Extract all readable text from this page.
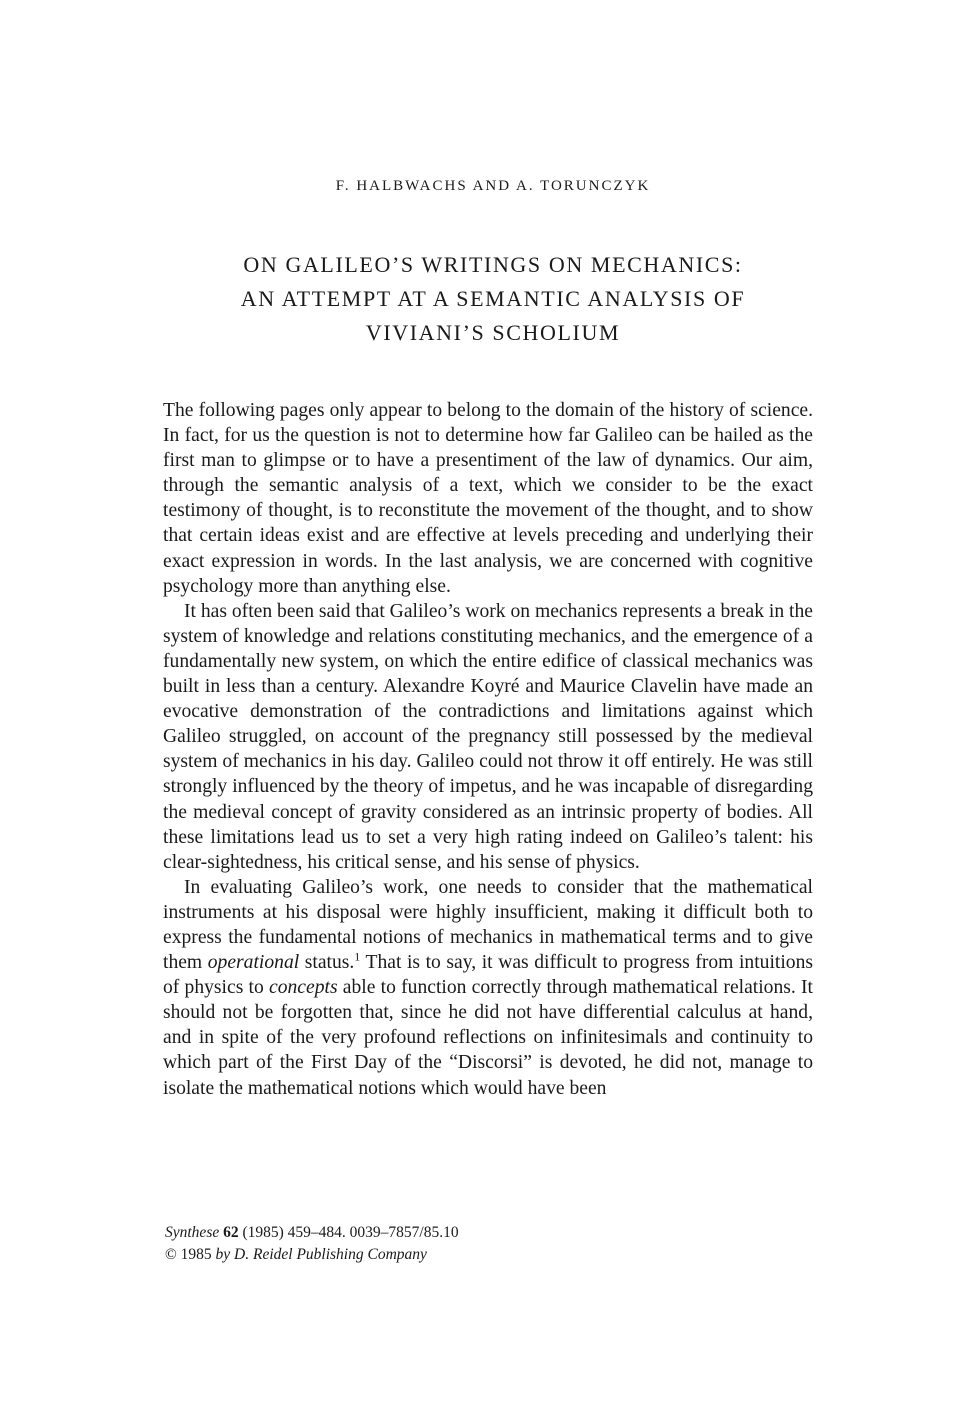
F. HALBWACHS AND A. TORUNCZYK
ON GALILEO’S WRITINGS ON MECHANICS:
AN ATTEMPT AT A SEMANTIC ANALYSIS OF
VIVIANI’S SCHOLIUM

The following pages only appear to belong to the domain of the history of science. In fact, for us the question is not to determine how far Galileo can be hailed as the first man to glimpse or to have a presentiment of the law of dynamics. Our aim, through the semantic analysis of a text, which we consider to be the exact testimony of thought, is to reconstitute the movement of the thought, and to show that certain ideas exist and are effective at levels preceding and underlying their exact expression in words. In the last analysis, we are concerned with cognitive psychology more than anything else.

It has often been said that Galileo’s work on mechanics represents a break in the system of knowledge and relations constituting mechanics, and the emergence of a fundamentally new system, on which the entire edifice of classical mechanics was built in less than a century. Alexandre Koyré and Maurice Clavelin have made an evocative demonstration of the contradictions and limitations against which Galileo struggled, on account of the pregnancy still possessed by the medieval system of mechanics in his day. Galileo could not throw it off entirely. He was still strongly influenced by the theory of impetus, and he was incapable of disregarding the medieval concept of gravity considered as an intrinsic property of bodies. All these limitations lead us to set a very high rating indeed on Galileo’s talent: his clear-sightedness, his critical sense, and his sense of physics.

In evaluating Galileo’s work, one needs to consider that the mathematical instruments at his disposal were highly insufficient, making it difficult both to express the fundamental notions of mechanics in mathematical terms and to give them operational status.$^1$ That is to say, it was difficult to progress from intuitions of physics to concepts able to function correctly through mathematical relations. It should not be forgotten that, since he did not have differential calculus at hand, and in spite of the very profound reflections on infinitesimals and continuity to which part of the First Day of the “Discorsi” is devoted, he did not, manage to isolate the mathematical notions which would have been

Synthese 62 (1985) 459–484. 0039–7857/85.10
© 1985 by D. Reidel Publishing Company
